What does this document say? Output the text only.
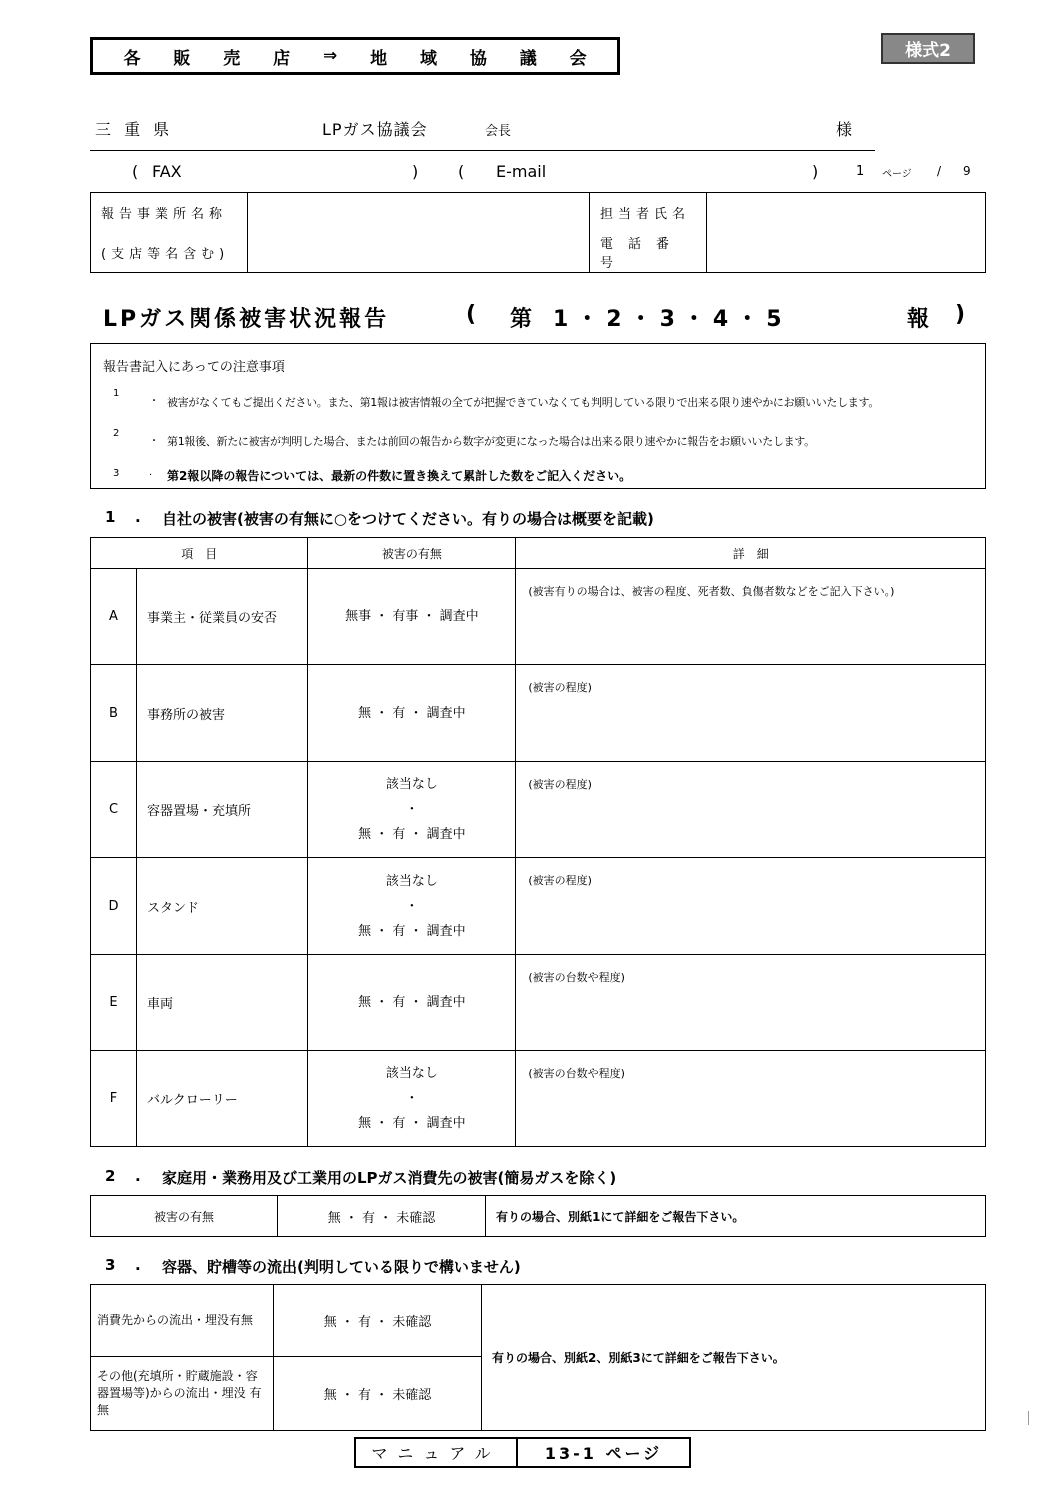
各 販 売 店 ⇒ 地 域 協 議 会	様式2
三 重 県	LPガス協議会	会長	様
( FAX	) ( E-mail	)	1 ページ / 9
報告事業所名称		担当者氏名	
(支店等名含む)		電話番号	
LPガス関係被害状況報告	( 第 1・2・3・4・5	報 )
報告書記入にあっての注意事項
1
・ 被害がなくてもご提出ください。また、第1報は被害情報の全てが把握できていなくても判明している限りで出来る限り速やかにお願いいたします。
2
・ 第1報後、新たに被害が判明した場合、または前回の報告から数字が変更になった場合は出来る限り速やかに報告をお願いいたします。
3	. 第2報以降の報告については、最新の件数に置き換えて累計した数をご記入ください。
1 . 自社の被害(被害の有無に○をつけてください。有りの場合は概要を記載)
項　目		被害の有無	詳　細
A	事業主・従業員の安否	無事 ・ 有事 ・ 調査中	(被害有りの場合は、被害の程度、死者数、負傷者数などをご記入下さい。)
B	事務所の被害	無 ・ 有 ・ 調査中	(被害の程度)
C	容器置場・充填所	該当なし
・
無 ・ 有 ・ 調査中	(被害の程度)
D	スタンド	該当なし
・
無 ・ 有 ・ 調査中	(被害の程度)
E	車両	無 ・ 有 ・ 調査中	(被害の台数や程度)
F	バルクローリー	該当なし
・
無 ・ 有 ・ 調査中	(被害の台数や程度)
2 . 家庭用・業務用及び工業用のLPガス消費先の被害(簡易ガスを除く)
被害の有無	無 ・ 有 ・ 未確認	有りの場合、別紙1にて詳細をご報告下さい。
3 . 容器、貯槽等の流出(判明している限りで構いません)
消費先からの流出・埋没有無	無 ・ 有 ・ 未確認	有りの場合、別紙2、別紙3にて詳細をご報告下さい。
その他(充填所・貯蔵施設・容器置場等)からの流出・埋没 有無	無 ・ 有 ・ 未確認	
マニュアル	13-1 ページ
